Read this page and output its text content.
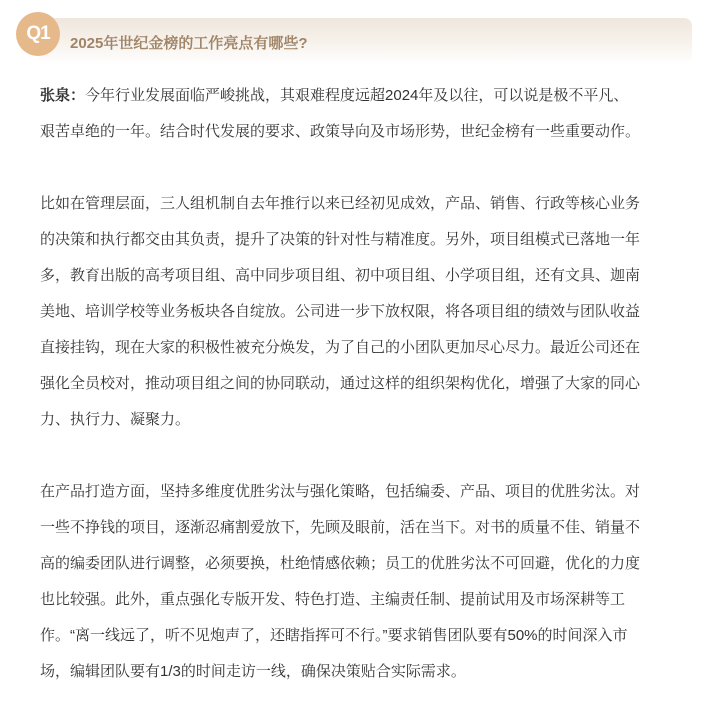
Q1	2025年世纪金榜的工作亮点有哪些?
张泉：今年行业发展面临严峻挑战，其艰难程度远超2024年及以往，可以说是极不平凡、
艰苦卓绝的一年。结合时代发展的要求、政策导向及市场形势，世纪金榜有一些重要动作。
比如在管理层面，三人组机制自去年推行以来已经初见成效，产品、销售、行政等核心业务
的决策和执行都交由其负责，提升了决策的针对性与精准度。另外，项目组模式已落地一年
多，教育出版的高考项目组、高中同步项目组、初中项目组、小学项目组，还有文具、迦南
美地、培训学校等业务板块各自绽放。公司进一步下放权限，将各项目组的绩效与团队收益
直接挂钩，现在大家的积极性被充分焕发，为了自己的小团队更加尽心尽力。最近公司还在
强化全员校对，推动项目组之间的协同联动，通过这样的组织架构优化，增强了大家的同心
力、执行力、凝聚力。
在产品打造方面，坚持多维度优胜劣汰与强化策略，包括编委、产品、项目的优胜劣汰。对
一些不挣钱的项目，逐渐忍痛割爱放下，先顾及眼前，活在当下。对书的质量不佳、销量不
高的编委团队进行调整，必须要换，杜绝情感依赖；员工的优胜劣汰不可回避，优化的力度
也比较强。此外，重点强化专版开发、特色打造、主编责任制、提前试用及市场深耕等工
作。“离一线远了，听不见炮声了，还瞎指挥可不行。”要求销售团队要有50%的时间深入市
场，编辑团队要有1/3的时间走访一线，确保决策贴合实际需求。
